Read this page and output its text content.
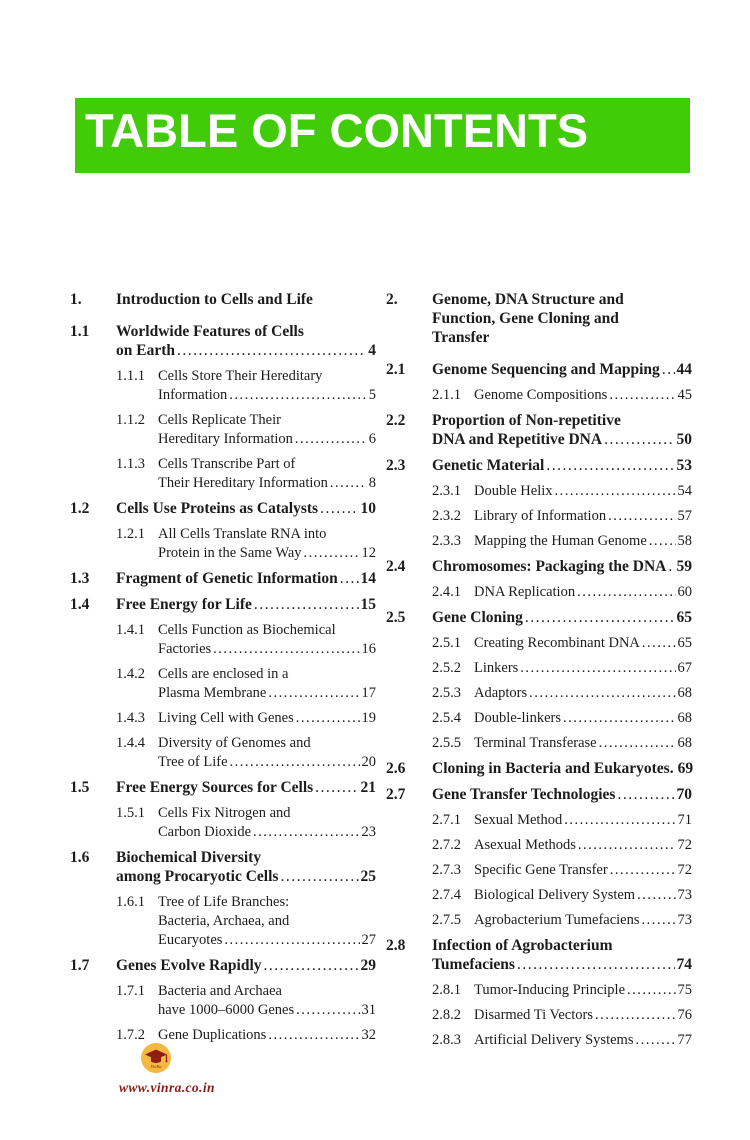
TABLE OF CONTENTS
1.	Introduction to Cells and Life
1.1	Worldwide Features of Cells
on Earth .....	4
1.1.1 Cells Store Their Hereditary
Information .....	5
1.1.2 Cells Replicate Their
Hereditary Information .....	6
1.1.3 Cells Transcribe Part of
Their Hereditary Information .....	8
1.2	Cells Use Proteins as Catalysts .....	10
1.2.1 All Cells Translate RNA into
Protein in the Same Way .....	12
1.3	Fragment of Genetic Information ..... 14
1.4	Free Energy for Life .....	15
1.4.1 Cells Function as Biochemical
Factories .....	16
1.4.2 Cells are enclosed in a
Plasma Membrane .....	17
1.4.3 Living Cell with Genes .....	19
1.4.4 Diversity of Genomes and
Tree of Life .....	20
1.5	Free Energy Sources for Cells .....	21
1.5.1 Cells Fix Nitrogen and
Carbon Dioxide .....	23
1.6	Biochemical Diversity
among Procaryotic Cells .....	25
1.6.1 Tree of Life Branches:
Bacteria, Archaea, and
Eucaryotes .....	27
1.7	Genes Evolve Rapidly .....	29
1.7.1 Bacteria and Archaea
have 1000–6000 Genes .....	31
1.7.2 Gene Duplications .....	32
2.	Genome, DNA Structure and
Function, Gene Cloning and
Transfer
2.1	Genome Sequencing and Mapping ..... 44
2.1.1 Genome Compositions .....	45
2.2	Proportion of Non-repetitive
DNA and Repetitive DNA .....	50
2.3	Genetic Material .....	53
2.3.1 Double Helix .....	54
2.3.2 Library of Information .....	57
2.3.3 Mapping the Human Genome ..... 58
2.4	Chromosomes: Packaging the DNA ..... 59
2.4.1 DNA Replication .....	60
2.5	Gene Cloning .....	65
2.5.1 Creating Recombinant DNA .....	65
2.5.2 Linkers .....	67
2.5.3 Adaptors .....	68
2.5.4 Double-linkers .....	68
2.5.5 Terminal Transferase .....	68
2.6	Cloning in Bacteria and Eukaryotes. 69
2.7	Gene Transfer Technologies .....	70
2.7.1 Sexual Method .....	71
2.7.2 Asexual Methods .....	72
2.7.3 Specific Gene Transfer .....	72
2.7.4 Biological Delivery System .....	73
2.7.5 Agrobacterium Tumefaciens .....	73
2.8	Infection of Agrobacterium
Tumefaciens .....	74
2.8.1 Tumor-Inducing Principle .....	75
2.8.2 Disarmed Ti Vectors .....	76
2.8.3 Artificial Delivery Systems .....	77
VinRa
www.vinra.co.in
